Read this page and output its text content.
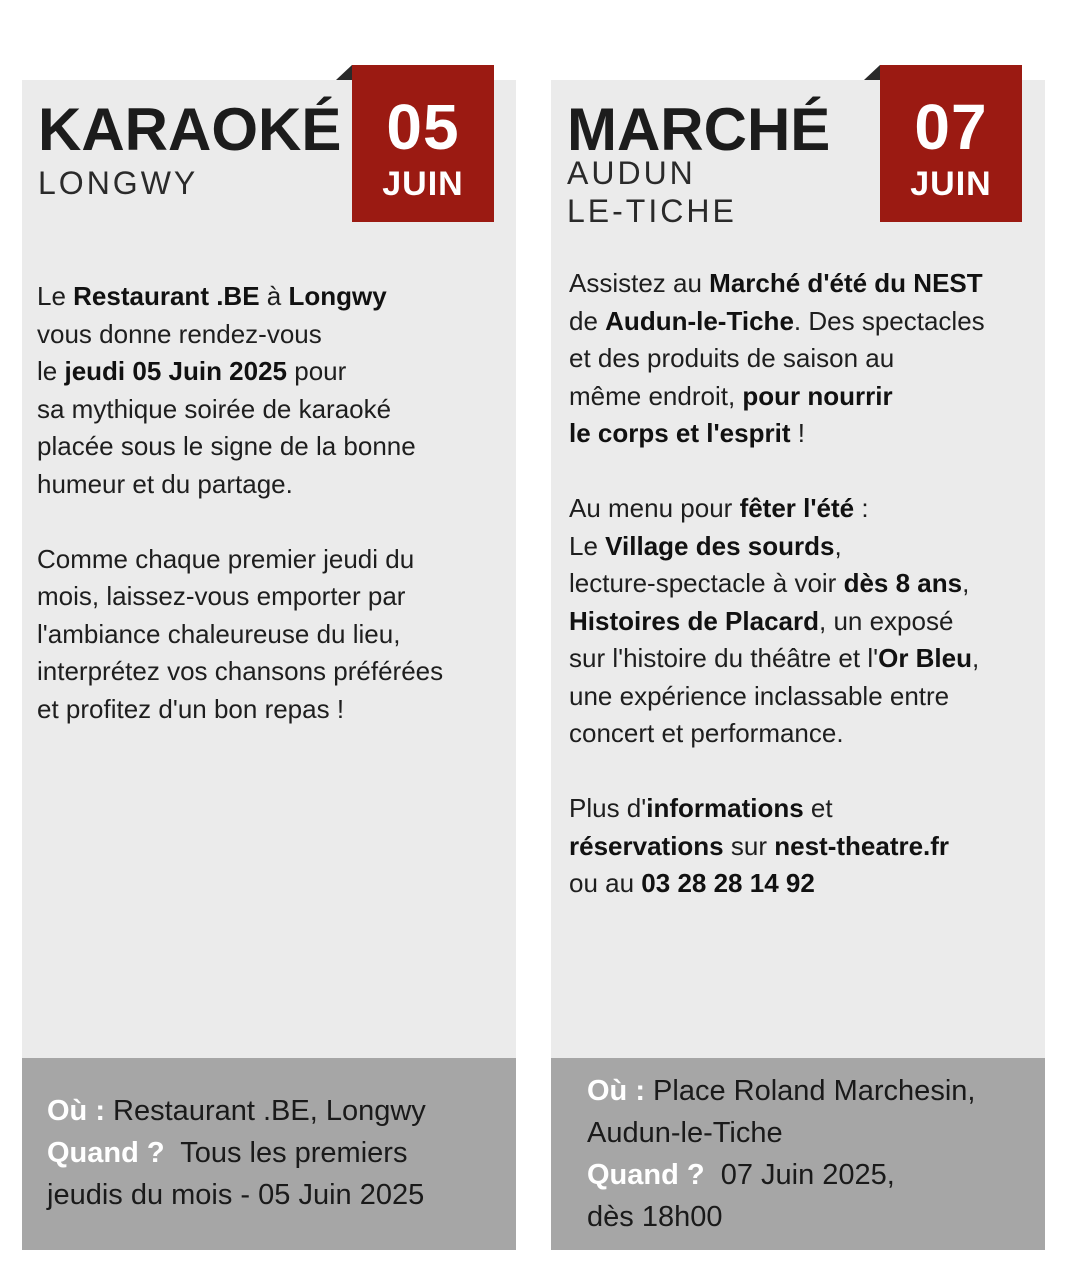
KARAOKÉ
LONGWY
05
JUIN

Le Restaurant .BE à Longwy
vous donne rendez-vous
le jeudi 05 Juin 2025 pour
sa mythique soirée de karaoké
placée sous le signe de la bonne
humeur et du partage.

Comme chaque premier jeudi du
mois, laissez-vous emporter par
l'ambiance chaleureuse du lieu,
interprétez vos chansons préférées
et profitez d'un bon repas !

Où : Restaurant .BE, Longwy
Quand ?  Tous les premiers
jeudis du mois - 05 Juin 2025
MARCHÉ
AUDUN
LE-TICHE
07
JUIN

Assistez au Marché d'été du NEST
de Audun-le-Tiche. Des spectacles
et des produits de saison au
même endroit, pour nourrir
le corps et l'esprit !

Au menu pour fêter l'été :
Le Village des sourds,
lecture-spectacle à voir dès 8 ans,
Histoires de Placard, un exposé
sur l'histoire du théâtre et l'Or Bleu,
une expérience inclassable entre
concert et performance.

Plus d'informations et
réservations sur nest-theatre.fr
ou au 03 28 28 14 92

Où : Place Roland Marchesin,
Audun-le-Tiche
Quand ?  07 Juin 2025,
dès 18h00
